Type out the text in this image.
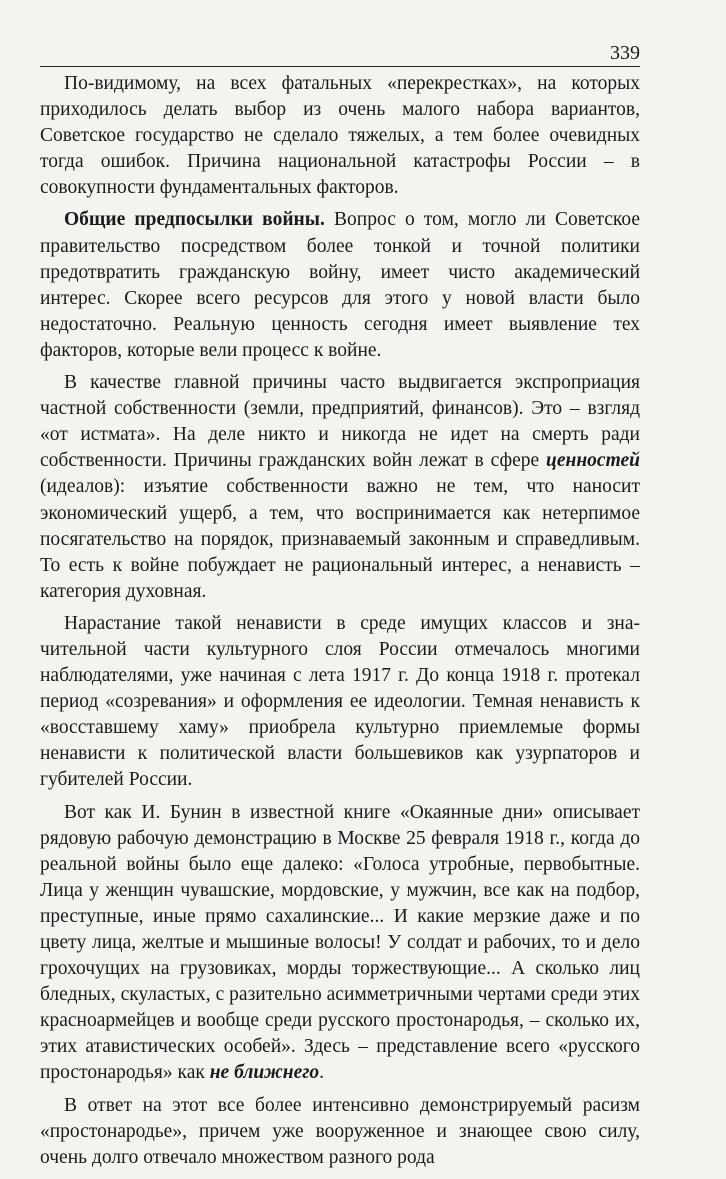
339

По-видимому, на всех фатальных «перекрестках», на которых приходилось делать выбор из очень малого набора вариантов, Советское государство не сделало тяжелых, а тем более очевидных тогда ошибок. Причина национальной катастрофы России – в совокупности фундаментальных факторов.

Общие предпосылки войны. Вопрос о том, могло ли Советское правительство посредством более тонкой и точной политики предотвратить гражданскую войну, имеет чисто академический интерес. Скорее всего ресурсов для этого у новой власти было недостаточно. Реальную ценность сегодня имеет выявление тех факторов, которые вели процесс к войне.

В качестве главной причины часто выдвигается экспроприация частной собственности (земли, предприятий, финансов). Это – взгляд «от истмата». На деле никто и никогда не идет на смерть ради собственности. Причины гражданских войн лежат в сфере ценностей (идеалов): изъятие собственности важно не тем, что наносит экономический ущерб, а тем, что воспринимается как нетерпимое посягательство на порядок, признаваемый законным и справедливым. То есть к войне побуждает не рациональный интерес, а ненависть – категория духовная.

Нарастание такой ненависти в среде имущих классов и значительной части культурного слоя России отмечалось многими наблюдателями, уже начиная с лета 1917 г. До конца 1918 г. протекал период «созревания» и оформления ее идеологии. Темная ненависть к «восставшему хаму» приобрела культурно приемлемые формы ненависти к политической власти большевиков как узурпаторов и губителей России.

Вот как И. Бунин в известной книге «Окаянные дни» описывает рядовую рабочую демонстрацию в Москве 25 февраля 1918 г., когда до реальной войны было еще далеко: «Голоса утробные, первобытные. Лица у женщин чувашские, мордовские, у мужчин, все как на подбор, преступные, иные прямо сахалинские... И какие мерзкие даже и по цвету лица, желтые и мышиные волосы! У солдат и рабочих, то и дело грохочущих на грузовиках, морды торжествующие... А сколько лиц бледных, скуластых, с разительно асимметричными чертами среди этих красноармейцев и вообще среди русского простонародья, – сколько их, этих атавистических особей». Здесь – представление всего «русского простонародья» как не ближнего.

В ответ на этот все более интенсивно демонстрируемый расизм «простонародье», причем уже вооруженное и знающее свою силу, очень долго отвечало множеством разного рода
